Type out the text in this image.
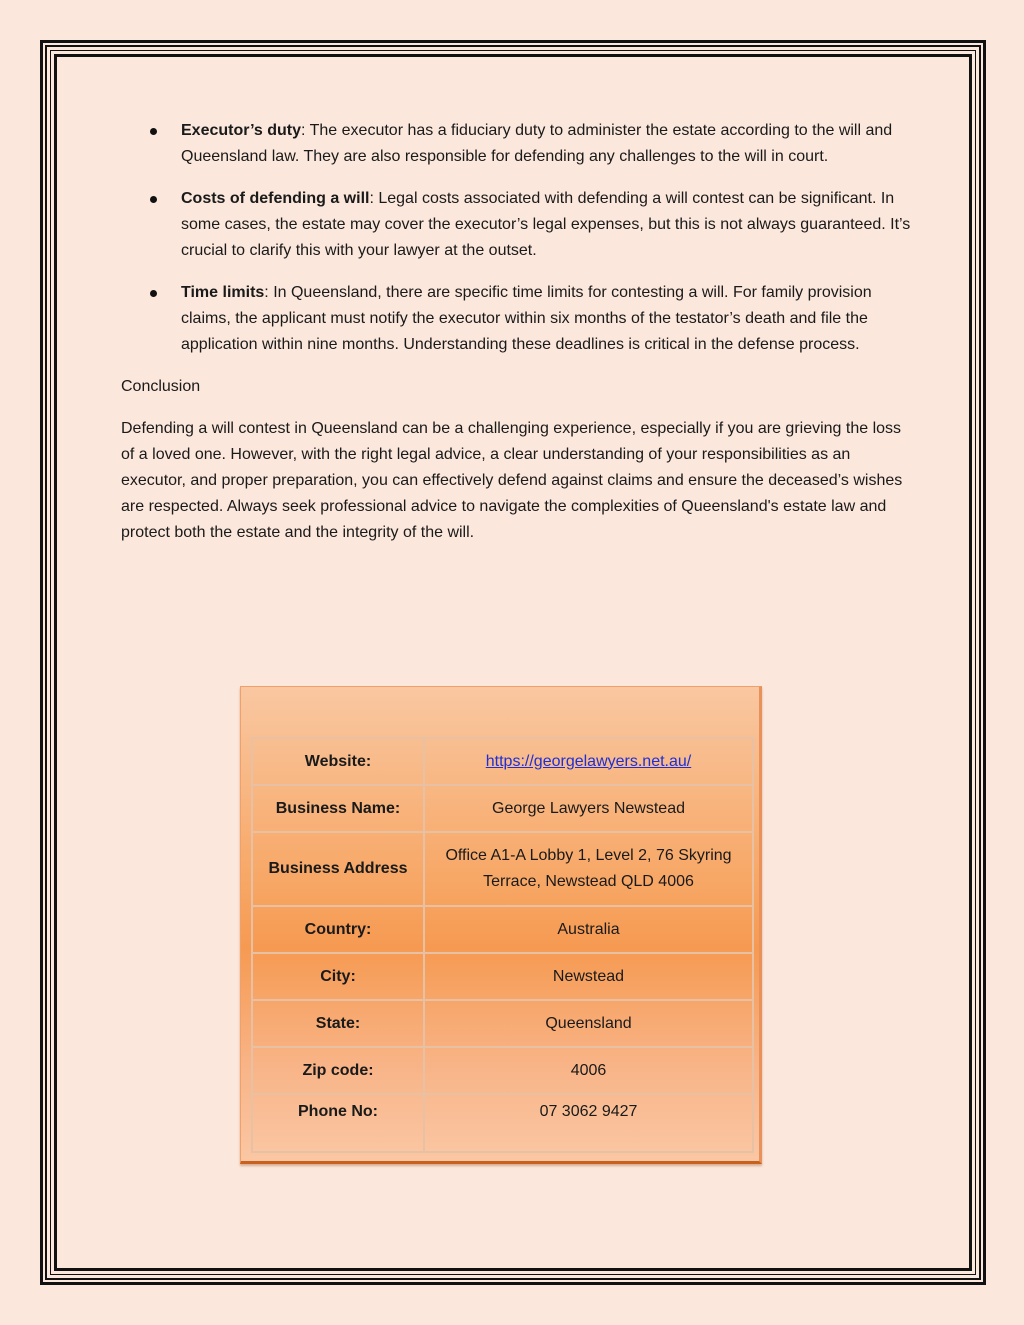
Executor’s duty: The executor has a fiduciary duty to administer the estate according to the will and Queensland law. They are also responsible for defending any challenges to the will in court.
Costs of defending a will: Legal costs associated with defending a will contest can be significant. In some cases, the estate may cover the executor’s legal expenses, but this is not always guaranteed. It’s crucial to clarify this with your lawyer at the outset.
Time limits: In Queensland, there are specific time limits for contesting a will. For family provision claims, the applicant must notify the executor within six months of the testator’s death and file the application within nine months. Understanding these deadlines is critical in the defense process.

Conclusion

Defending a will contest in Queensland can be a challenging experience, especially if you are grieving the loss of a loved one. However, with the right legal advice, a clear understanding of your responsibilities as an executor, and proper preparation, you can effectively defend against claims and ensure the deceased’s wishes are respected. Always seek professional advice to navigate the complexities of Queensland's estate law and protect both the estate and the integrity of the will.

Website:	https://georgelawyers.net.au/
Business Name:	George Lawyers Newstead
Business Address	Office A1-A Lobby 1, Level 2, 76 Skyring Terrace, Newstead QLD 4006
Country:	Australia
City:	Newstead
State:	Queensland
Zip code:	4006
Phone No:	07 3062 9427
